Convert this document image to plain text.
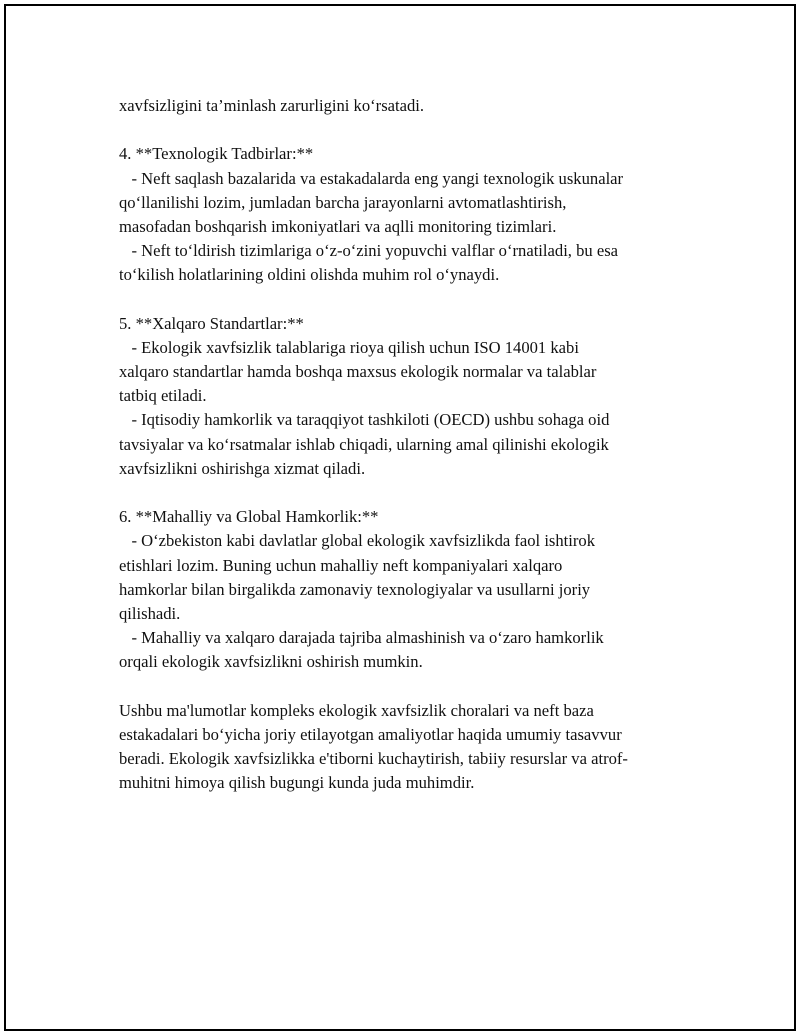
xavfsizligini ta’minlash zarurligini ko‘rsatadi.
4. **Texnologik Tadbirlar:**
- Neft saqlash bazalarida va estakadalarda eng yangi texnologik uskunalar
qo‘llanilishi lozim, jumladan barcha jarayonlarni avtomatlashtirish,
masofadan boshqarish imkoniyatlari va aqlli monitoring tizimlari.
- Neft to‘ldirish tizimlariga o‘z-o‘zini yopuvchi valflar o‘rnatiladi, bu esa
to‘kilish holatlarining oldini olishda muhim rol o‘ynaydi.
5. **Xalqaro Standartlar:**
- Ekologik xavfsizlik talablariga rioya qilish uchun ISO 14001 kabi
xalqaro standartlar hamda boshqa maxsus ekologik normalar va talablar
tatbiq etiladi.
- Iqtisodiy hamkorlik va taraqqiyot tashkiloti (OECD) ushbu sohaga oid
tavsiyalar va ko‘rsatmalar ishlab chiqadi, ularning amal qilinishi ekologik
xavfsizlikni oshirishga xizmat qiladi.
6. **Mahalliy va Global Hamkorlik:**
- O‘zbekiston kabi davlatlar global ekologik xavfsizlikda faol ishtirok
etishlari lozim. Buning uchun mahalliy neft kompaniyalari xalqaro
hamkorlar bilan birgalikda zamonaviy texnologiyalar va usullarni joriy
qilishadi.
- Mahalliy va xalqaro darajada tajriba almashinish va o‘zaro hamkorlik
orqali ekologik xavfsizlikni oshirish mumkin.
Ushbu ma'lumotlar kompleks ekologik xavfsizlik choralari va neft baza
estakadalari bo‘yicha joriy etilayotgan amaliyotlar haqida umumiy tasavvur
beradi. Ekologik xavfsizlikka e'tiborni kuchaytirish, tabiiy resurslar va atrof-
muhitni himoya qilish bugungi kunda juda muhimdir.
